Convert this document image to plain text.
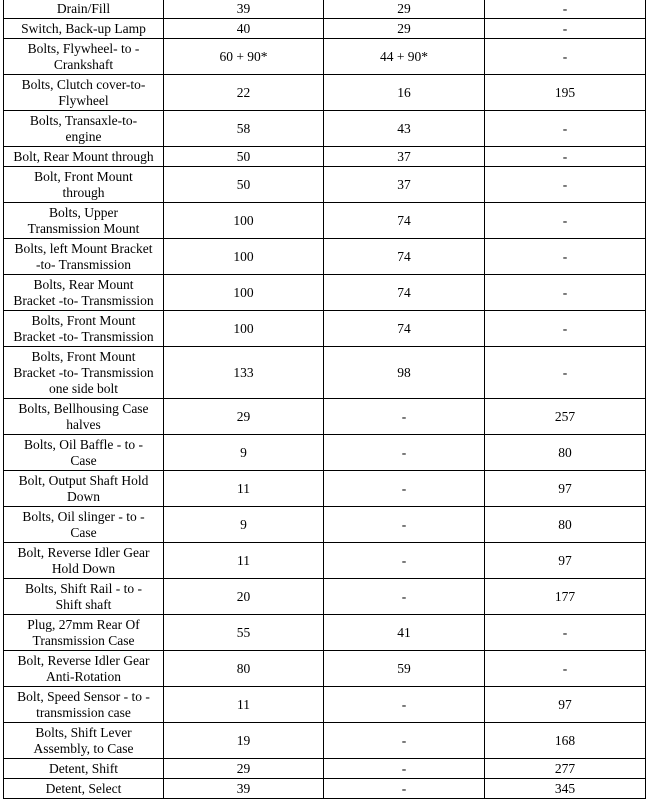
Drain/Fill	39	29	-

Switch, Back-up Lamp	40	29	-

Bolts, Flywheel- to -
Crankshaft	60 + 90*	44 + 90*	-

Bolts, Clutch cover-to-
Flywheel	22	16	195

Bolts, Transaxle-to-
engine	58	43	-

Bolt, Rear Mount through	50	37	-

Bolt, Front Mount
through	50	37	-

Bolts, Upper
Transmission Mount	100	74	-

Bolts, left Mount Bracket
-to- Transmission	100	74	-

Bolts, Rear Mount
Bracket -to- Transmission	100	74	-

Bolts, Front Mount
Bracket -to- Transmission	100	74	-

Bolts, Front Mount
Bracket -to- Transmission
one side bolt	133	98	-

Bolts, Bellhousing Case
halves	29	-	257

Bolts, Oil Baffle - to -
Case	9	-	80

Bolt, Output Shaft Hold
Down	11	-	97

Bolts, Oil slinger - to -
Case	9	-	80

Bolt, Reverse Idler Gear
Hold Down	11	-	97

Bolts, Shift Rail - to -
Shift shaft	20	-	177

Plug, 27mm Rear Of
Transmission Case	55	41	-

Bolt, Reverse Idler Gear
Anti-Rotation	80	59	-

Bolt, Speed Sensor - to -
transmission case	11	-	97

Bolts, Shift Lever
Assembly, to Case	19	-	168

Detent, Shift	29	-	277

Detent, Select	39	-	345
